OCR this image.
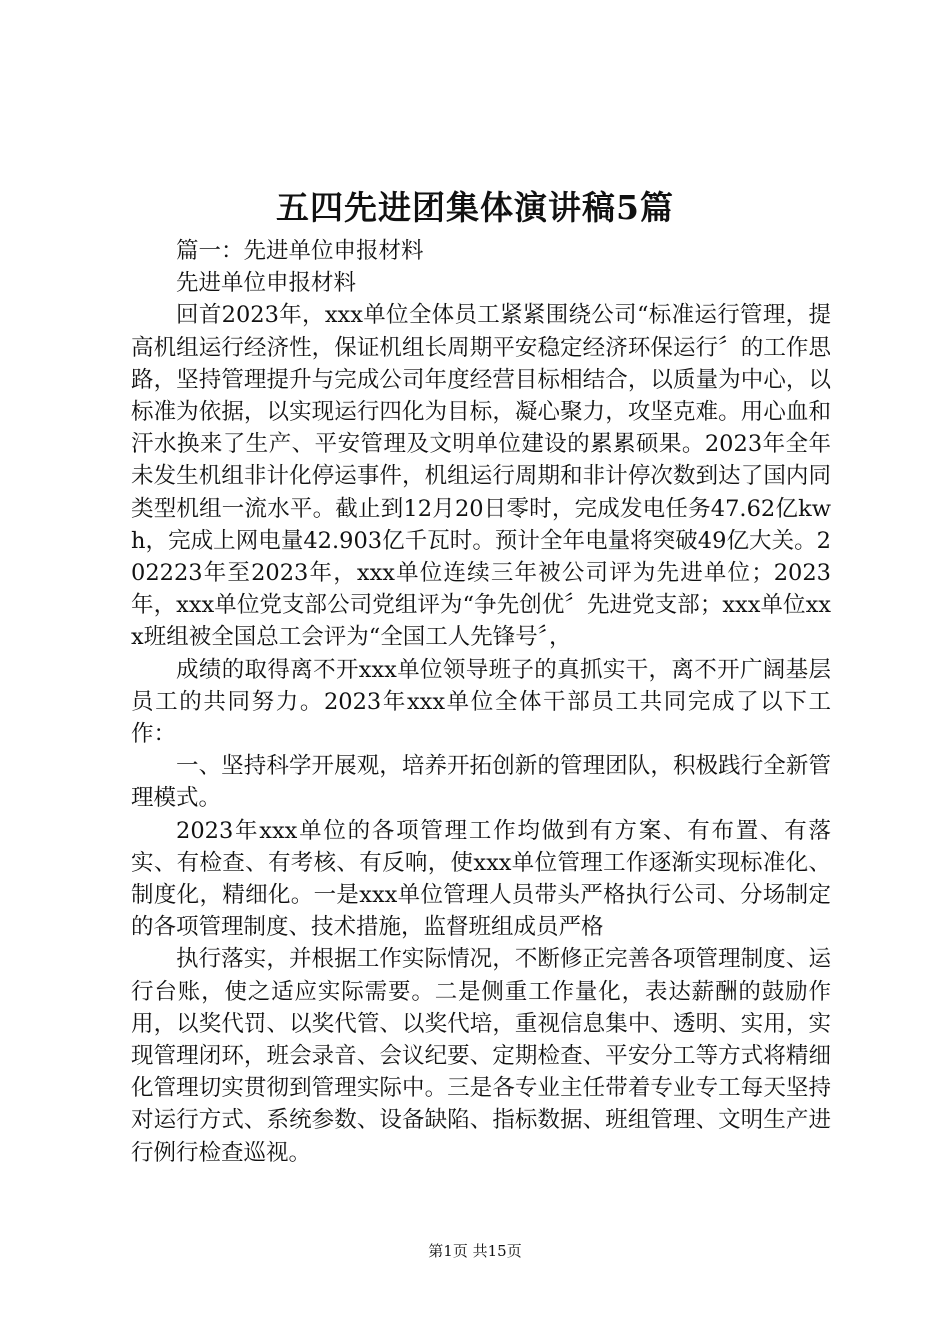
五四先进团集体演讲稿5篇

篇一：先进单位申报材料

先进单位申报材料

回首2023年，xxx单位全体员工紧紧围绕公司“标准运行管理，提高机组运行经济性，保证机组长周期平安稳定经济环保运行〞的工作思路，坚持管理提升与完成公司年度经营目标相结合，以质量为中心，以标准为依据，以实现运行四化为目标，凝心聚力，攻坚克难。用心血和汗水换来了生产、平安管理及文明单位建设的累累硕果。2023年全年未发生机组非计化停运事件，机组运行周期和非计停次数到达了国内同类型机组一流水平。截止到12月20日零时，完成发电任务47.62亿kwh，完成上网电量42.903亿千瓦时。预计全年电量将突破49亿大关。202223年至2023年，xxx单位连续三年被公司评为先进单位；2023年，xxx单位党支部公司党组评为“争先创优〞先进党支部；xxx单位xxx班组被全国总工会评为“全国工人先锋号〞，

成绩的取得离不开xxx单位领导班子的真抓实干，离不开广阔基层员工的共同努力。2023年xxx单位全体干部员工共同完成了以下工作：

一、坚持科学开展观，培养开拓创新的管理团队，积极践行全新管理模式。

2023年xxx单位的各项管理工作均做到有方案、有布置、有落实、有检查、有考核、有反响，使xxx单位管理工作逐渐实现标准化、制度化，精细化。一是xxx单位管理人员带头严格执行公司、分场制定的各项管理制度、技术措施，监督班组成员严格

执行落实，并根据工作实际情况，不断修正完善各项管理制度、运行台账，使之适应实际需要。二是侧重工作量化，表达薪酬的鼓励作用，以奖代罚、以奖代管、以奖代培，重视信息集中、透明、实用，实现管理闭环，班会录音、会议纪要、定期检查、平安分工等方式将精细化管理切实贯彻到管理实际中。三是各专业主任带着专业专工每天坚持对运行方式、系统参数、设备缺陷、指标数据、班组管理、文明生产进行例行检查巡视。

第1页 共15页
